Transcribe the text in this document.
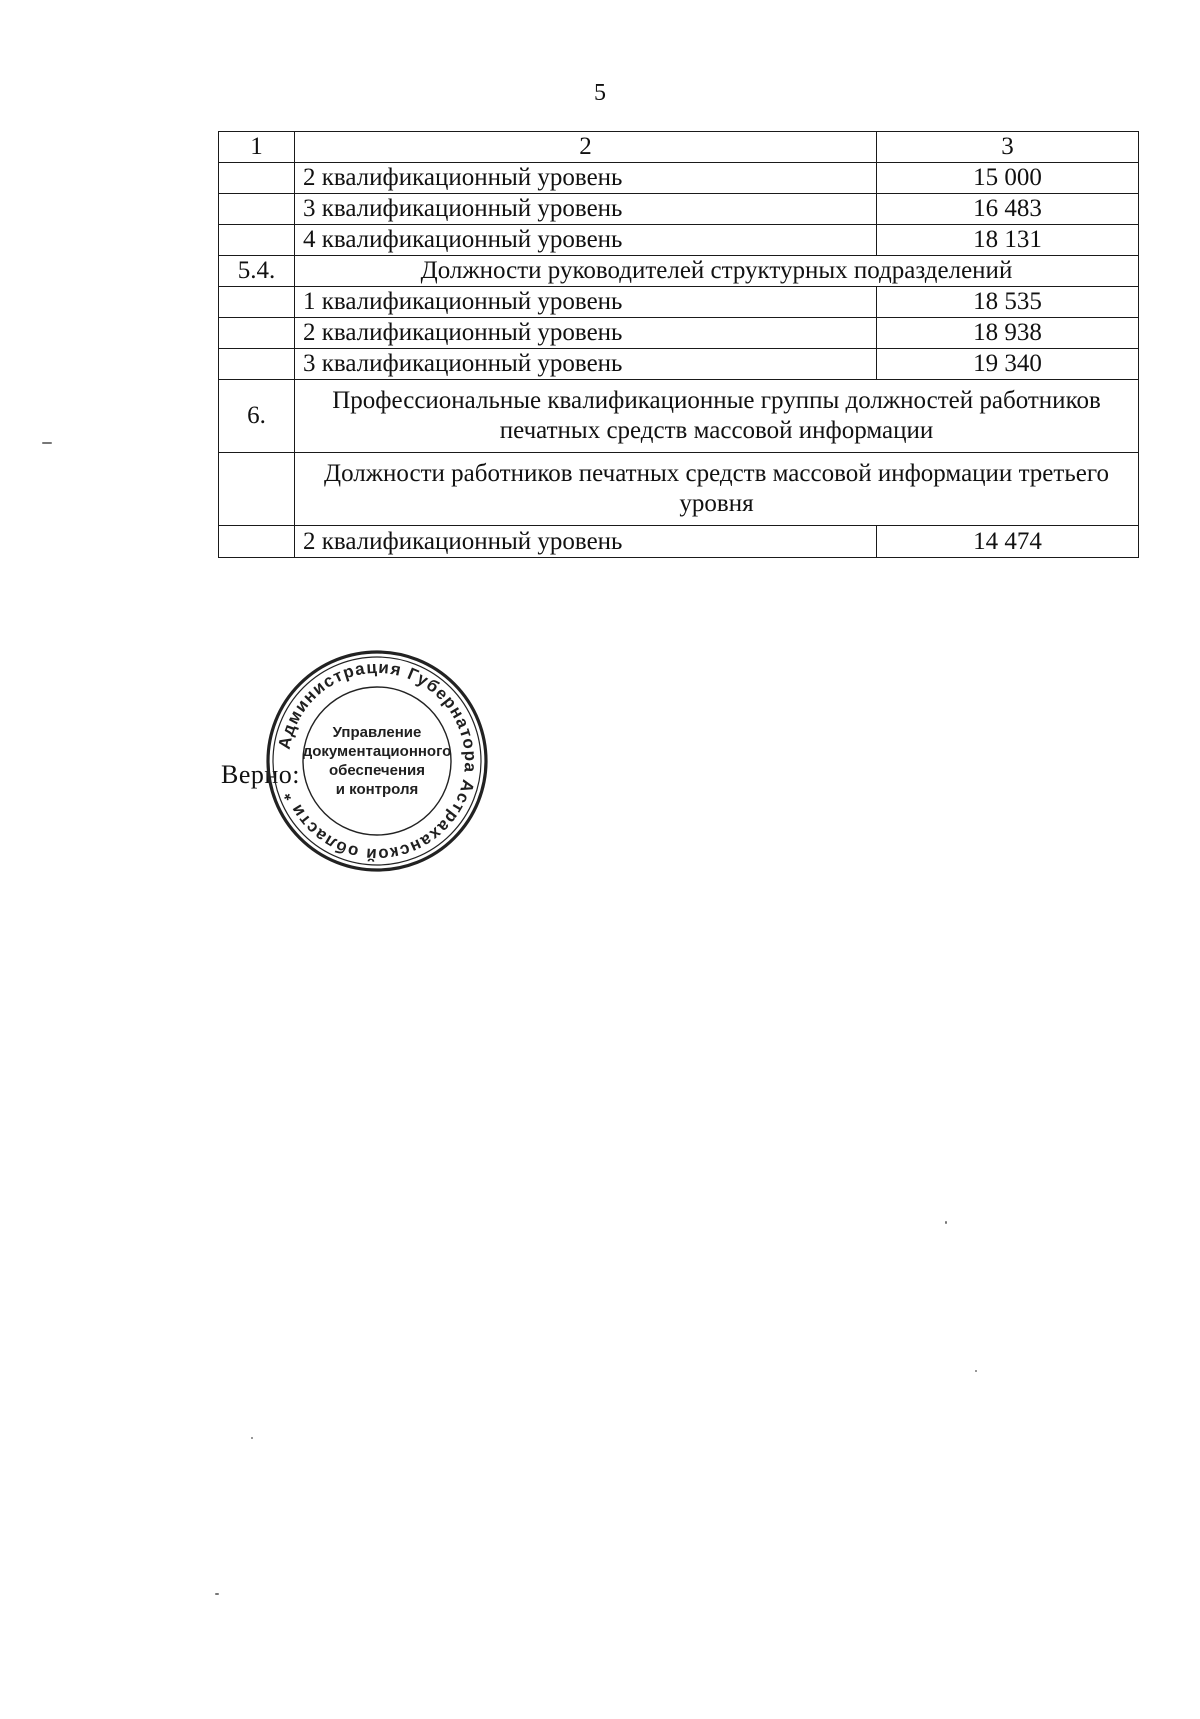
5
1	2	3
	2 квалификационный уровень	15 000
	3 квалификационный уровень	16 483
	4 квалификационный уровень	18 131
5.4.	Должности руководителей структурных подразделений	
	1 квалификационный уровень	18 535
	2 квалификационный уровень	18 938
	3 квалификационный уровень	19 340
6.	Профессиональные квалификационные группы должностей работников печатных средств массовой информации	
	Должности работников печатных средств массовой информации третьего уровня	
	2 квалификационный уровень	14 474
Верно:
Администрация Губернатора Астраханской области *
Управление
документационного
обеспечения
и контроля
